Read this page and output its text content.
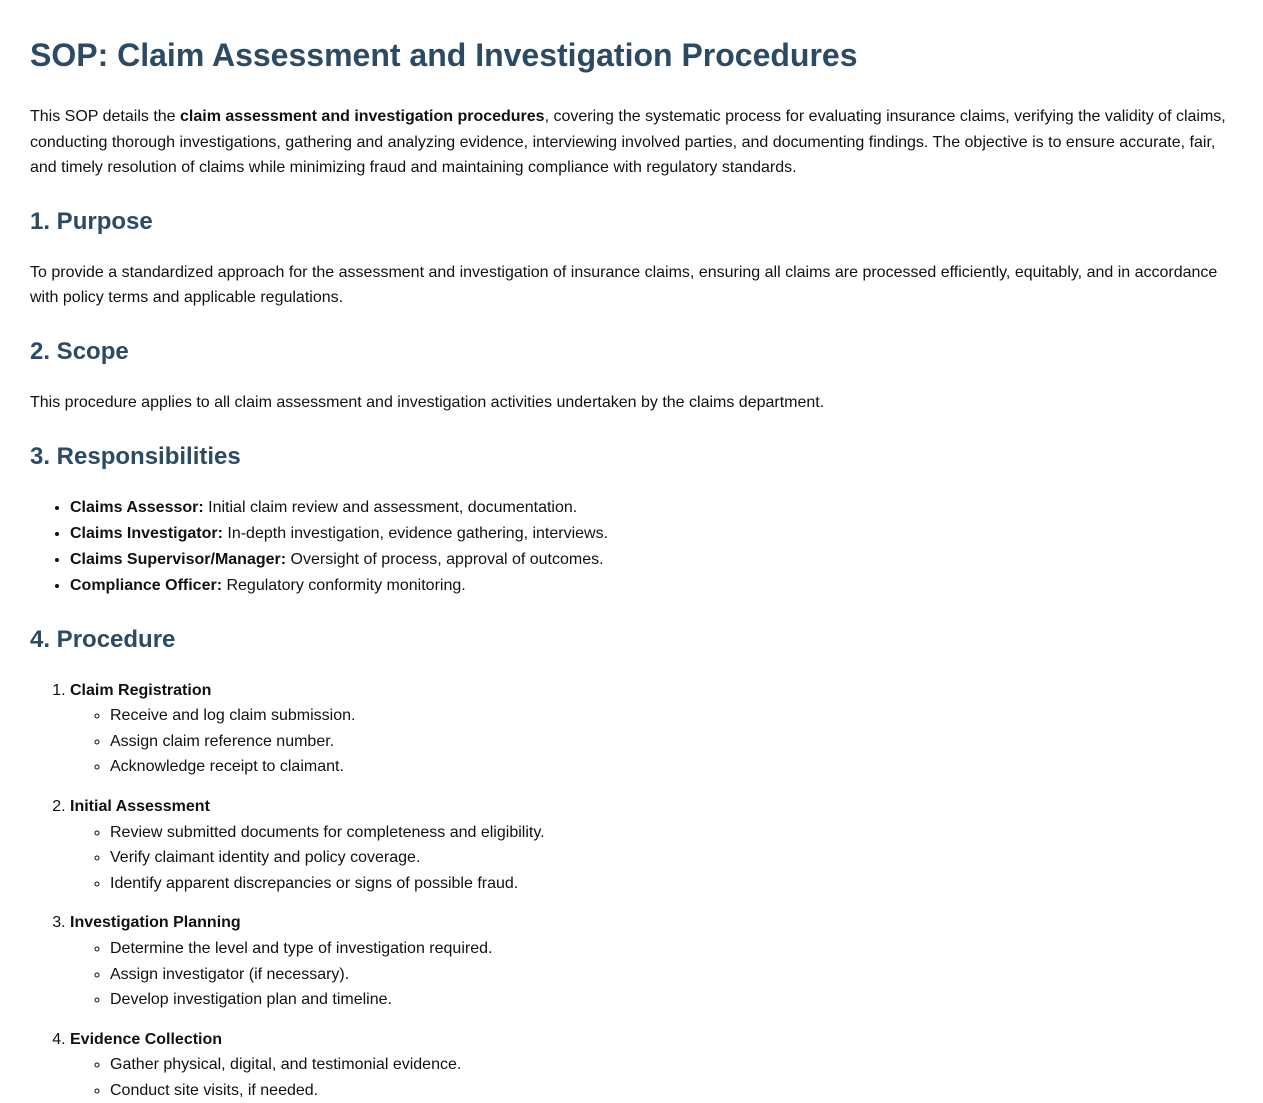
SOP: Claim Assessment and Investigation Procedures

This SOP details the claim assessment and investigation procedures, covering the systematic process for evaluating insurance claims, verifying the validity of claims, conducting thorough investigations, gathering and analyzing evidence, interviewing involved parties, and documenting findings. The objective is to ensure accurate, fair, and timely resolution of claims while minimizing fraud and maintaining compliance with regulatory standards.

1. Purpose

To provide a standardized approach for the assessment and investigation of insurance claims, ensuring all claims are processed efficiently, equitably, and in accordance with policy terms and applicable regulations.

2. Scope

This procedure applies to all claim assessment and investigation activities undertaken by the claims department.

3. Responsibilities
• Claims Assessor: Initial claim review and assessment, documentation.
• Claims Investigator: In-depth investigation, evidence gathering, interviews.
• Claims Supervisor/Manager: Oversight of process, approval of outcomes.
• Compliance Officer: Regulatory conformity monitoring.
4. Procedure
1. Claim Registration
◦ Receive and log claim submission.
◦ Assign claim reference number.
◦ Acknowledge receipt to claimant.
2. Initial Assessment
◦ Review submitted documents for completeness and eligibility.
◦ Verify claimant identity and policy coverage.
◦ Identify apparent discrepancies or signs of possible fraud.
3. Investigation Planning
◦ Determine the level and type of investigation required.
◦ Assign investigator (if necessary).
◦ Develop investigation plan and timeline.
4. Evidence Collection
◦ Gather physical, digital, and testimonial evidence.
◦ Conduct site visits, if needed.
